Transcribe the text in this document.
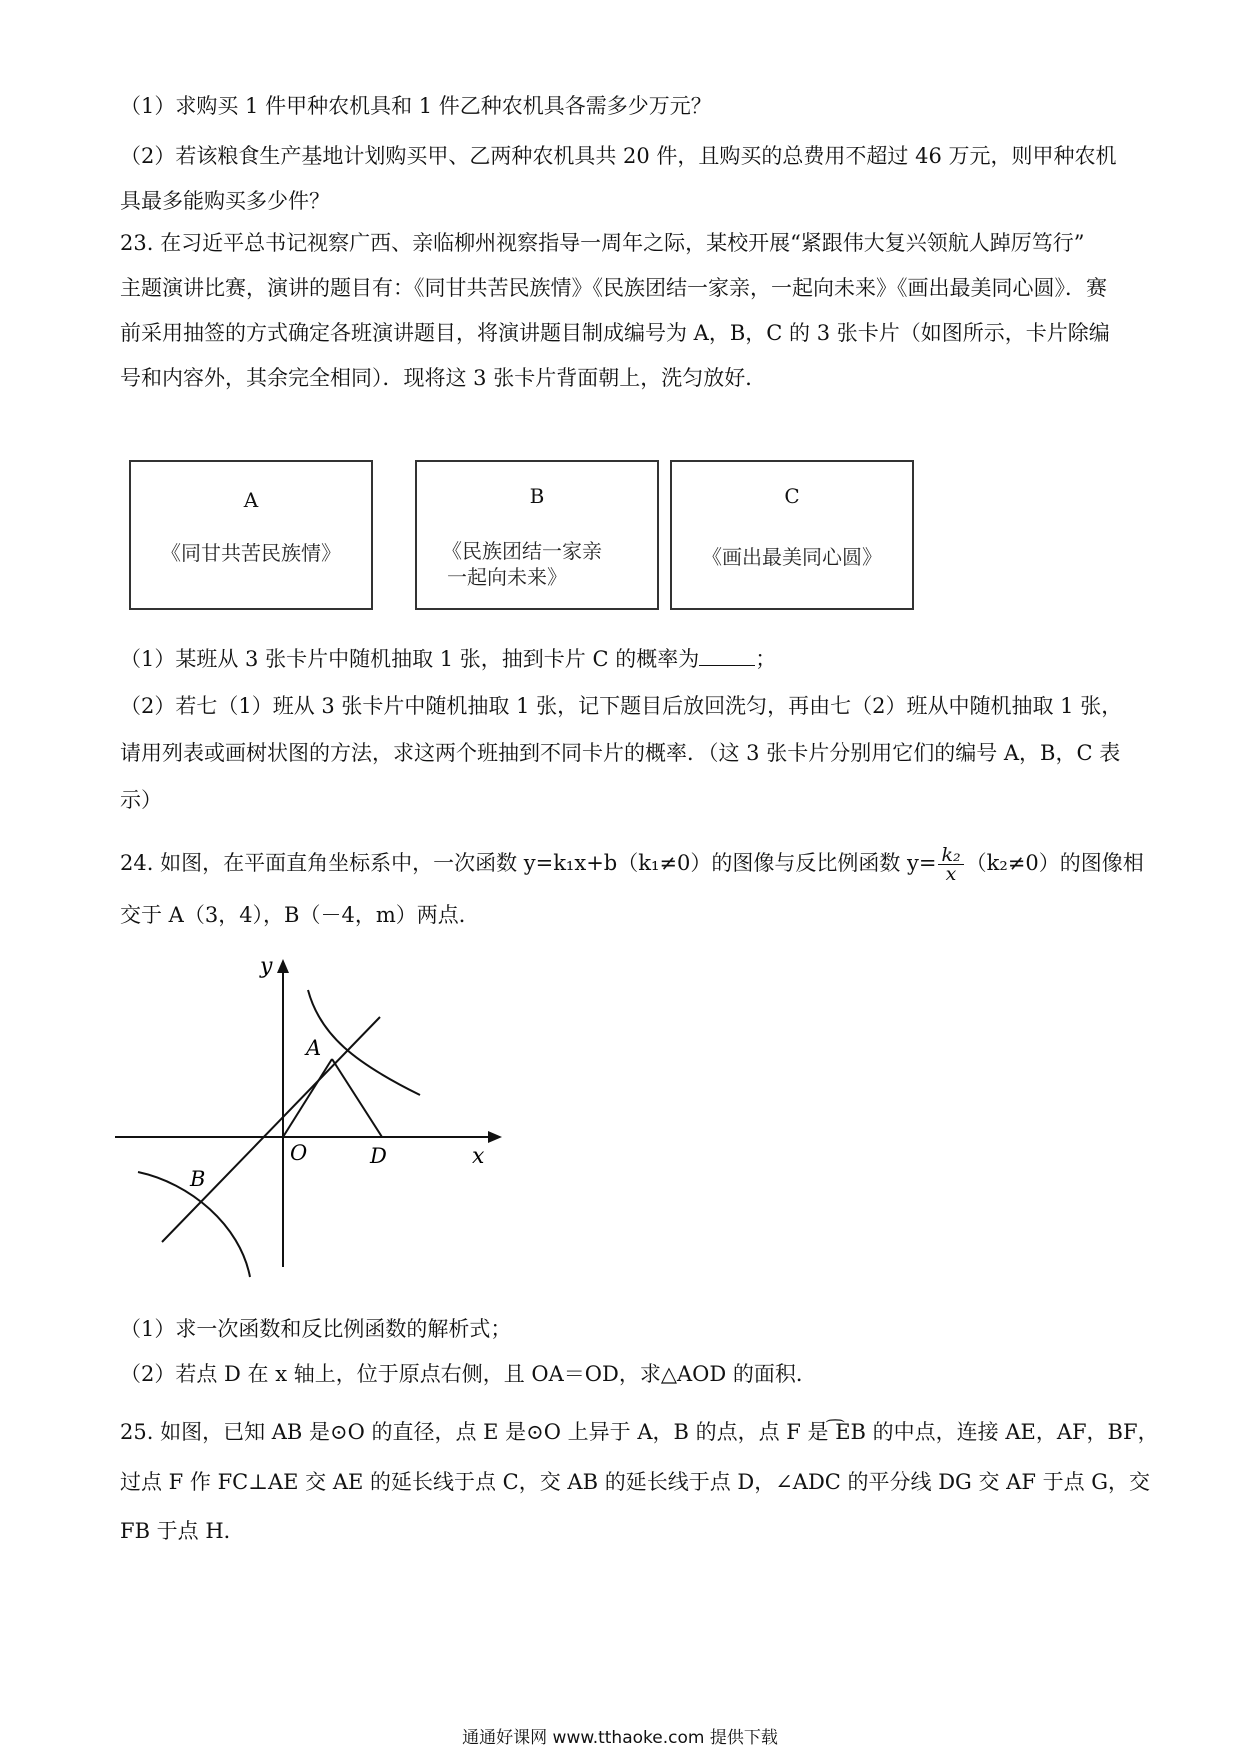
（1）求购买 1 件甲种农机具和 1 件乙种农机具各需多少万元？
（2）若该粮食生产基地计划购买甲、乙两种农机具共 20 件，且购买的总费用不超过 46 万元，则甲种农机
具最多能购买多少件？
23. 在习近平总书记视察广西、亲临柳州视察指导一周年之际，某校开展“紧跟伟大复兴领航人踔厉笃行”
主题演讲比赛，演讲的题目有：《同甘共苦民族情》《民族团结一家亲，一起向未来》《画出最美同心圆》．赛
前采用抽签的方式确定各班演讲题目，将演讲题目制成编号为 A，B，C 的 3 张卡片（如图所示，卡片除编
号和内容外，其余完全相同）．现将这 3 张卡片背面朝上，洗匀放好．
A
《同甘共苦民族情》
B
《民族团结一家亲
一起向未来》
C
《画出最美同心圆》
（1）某班从 3 张卡片中随机抽取 1 张，抽到卡片 C 的概率为	；
（2）若七（1）班从 3 张卡片中随机抽取 1 张，记下题目后放回洗匀，再由七（2）班从中随机抽取 1 张，
请用列表或画树状图的方法，求这两个班抽到不同卡片的概率．（这 3 张卡片分别用它们的编号 A，B，C 表
示）
24. 如图，在平面直角坐标系中，一次函数 y=k₁x+b（k₁≠0）的图像与反比例函数 $y= \frac{\text{k₂}}{x} (k_2\ne 0)$的图像相
交于 A（3，4），B（－4，m）两点．
y
x
O
A
B
D
（1）求一次函数和反比例函数的解析式；
（2）若点 D 在 x 轴上，位于原点右侧，且 OA＝OD，求△AOD 的面积．
25. 如图，已知 AB 是⊙O 的直径，点 E 是⊙O 上异于 A，B 的点，点 F 是 ͡EB 的中点，连接 AE，AF，BF，
过点 F 作 FC⊥AE 交 AE 的延长线于点 C，交 AB 的延长线于点 D，∠ADC 的平分线 DG 交 AF 于点 G，交
FB 于点 H．
通通好课网 www.tthaoke.com 提供下载
